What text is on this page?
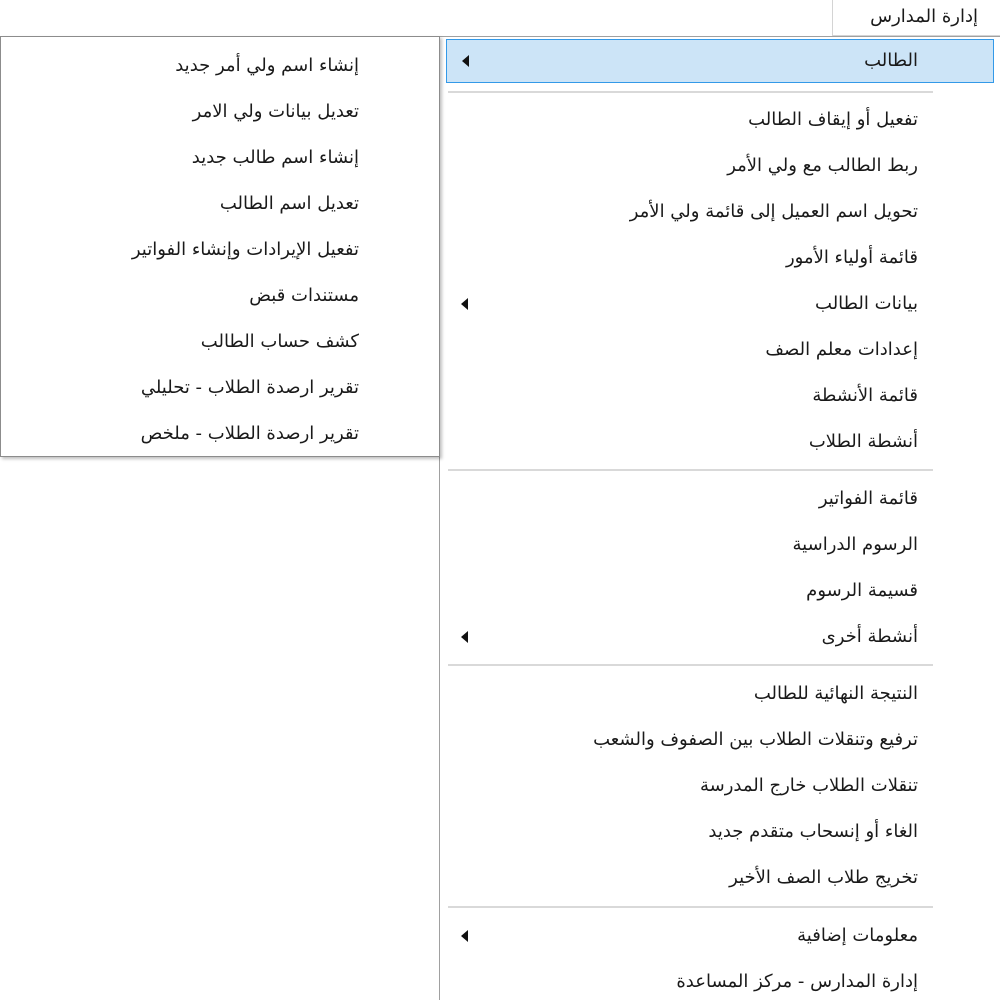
إدارة المدارس
الطالب
تفعيل أو إيقاف الطالب
ربط الطالب مع ولي الأمر
تحويل اسم العميل إلى قائمة ولي الأمر
قائمة أولياء الأمور
بيانات الطالب
إعدادات معلم الصف
قائمة الأنشطة
أنشطة الطلاب
قائمة الفواتير
الرسوم الدراسية
قسيمة الرسوم
أنشطة أخرى
النتيجة النهائية للطالب
ترفيع وتنقلات الطلاب بين الصفوف والشعب
تنقلات الطلاب خارج المدرسة
الغاء أو إنسحاب متقدم جديد
تخريج طلاب الصف الأخير
معلومات إضافية
إدارة المدارس - مركز المساعدة
إنشاء اسم ولي أمر جديد
تعديل بيانات ولي الامر
إنشاء اسم طالب جديد
تعديل اسم الطالب
تفعيل الإيرادات وإنشاء الفواتير
مستندات قبض
كشف حساب الطالب
تقرير ارصدة الطلاب - تحليلي
تقرير ارصدة الطلاب - ملخص
